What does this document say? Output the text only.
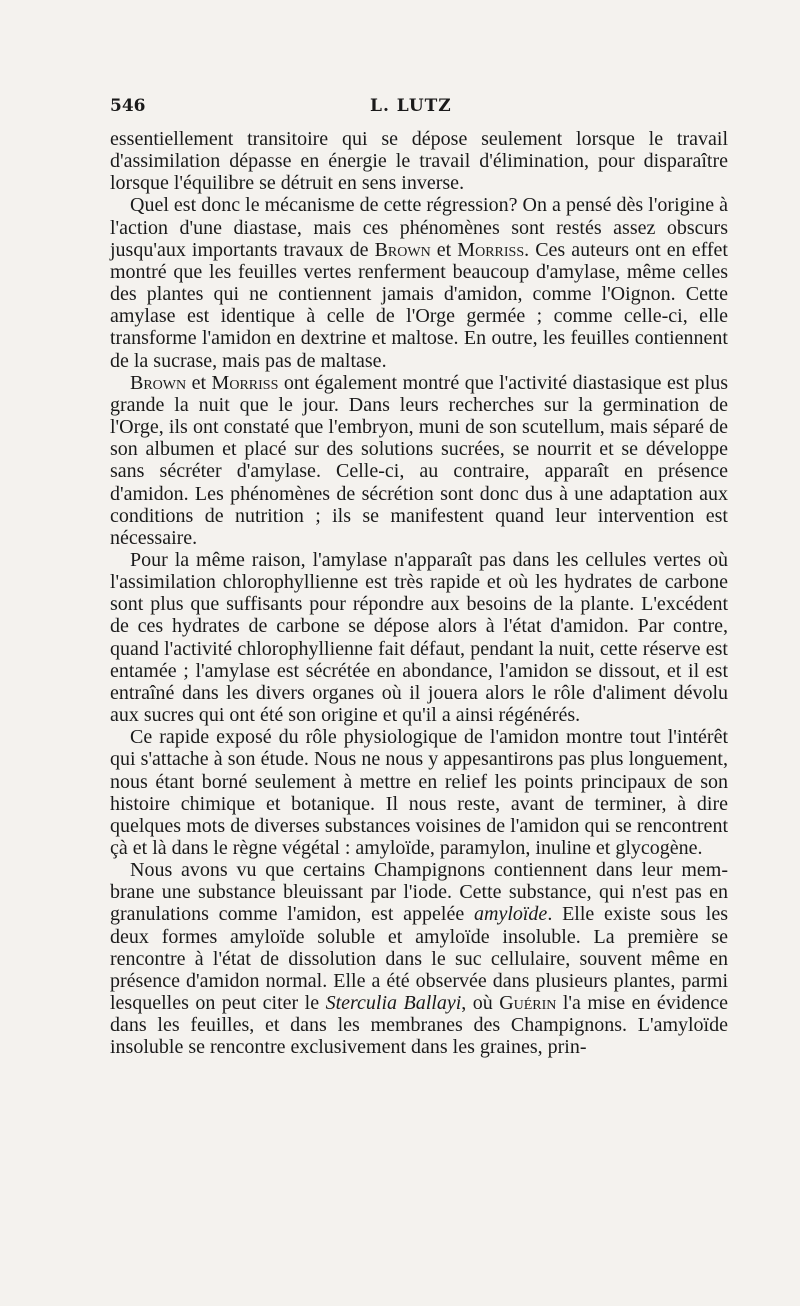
546	L. LUTZ

essentiellement transitoire qui se dépose seulement lorsque le travail d'assimilation dépasse en énergie le travail d'élimination, pour disparaître lorsque l'équilibre se détruit en sens inverse.

Quel est donc le mécanisme de cette régression? On a pensé dès l'origine à l'action d'une diastase, mais ces phénomènes sont restés assez obscurs jusqu'aux importants travaux de Brown et Morriss. Ces auteurs ont en effet montré que les feuilles vertes renferment beaucoup d'amylase, même celles des plantes qui ne contiennent jamais d'amidon, comme l'Oignon. Cette amylase est identique à celle de l'Orge germée ; comme celle-ci, elle transforme l'amidon en dextrine et maltose. En outre, les feuilles contiennent de la sucrase, mais pas de maltase.

Brown et Morriss ont également montré que l'activité diastasique est plus grande la nuit que le jour. Dans leurs recherches sur la germination de l'Orge, ils ont constaté que l'embryon, muni de son scutellum, mais séparé de son albumen et placé sur des solutions sucrées, se nourrit et se développe sans sécréter d'amylase. Celle-ci, au contraire, apparaît en présence d'amidon. Les phénomènes de sécrétion sont donc dus à une adaptation aux conditions de nutrition ; ils se manifestent quand leur intervention est nécessaire.

Pour la même raison, l'amylase n'apparaît pas dans les cellules vertes où l'assimilation chlorophyllienne est très rapide et où les hydrates de carbone sont plus que suffisants pour répondre aux besoins de la plante. L'excédent de ces hydrates de carbone se dépose alors à l'état d'amidon. Par contre, quand l'activité chlorophyllienne fait défaut, pendant la nuit, cette réserve est entamée ; l'amylase est sécrétée en abondance, l'amidon se dissout, et il est entraîné dans les divers organes où il jouera alors le rôle d'aliment dévolu aux sucres qui ont été son origine et qu'il a ainsi régénérés.

Ce rapide exposé du rôle physiologique de l'amidon montre tout l'intérêt qui s'attache à son étude. Nous ne nous y appesantirons pas plus longuement, nous étant borné seulement à mettre en relief les points principaux de son histoire chimique et botanique. Il nous reste, avant de terminer, à dire quelques mots de diverses substances voisines de l'amidon qui se rencontrent çà et là dans le règne végétal : amyloïde, paramylon, inuline et glycogène.

Nous avons vu que certains Champignons contiennent dans leur membrane une substance bleuissant par l'iode. Cette substance, qui n'est pas en granulations comme l'amidon, est appelée amyloïde. Elle existe sous les deux formes amyloïde soluble et amyloïde insoluble. La première se rencontre à l'état de dissolution dans le suc cellulaire, souvent même en présence d'amidon normal. Elle a été observée dans plusieurs plantes, parmi lesquelles on peut citer le Sterculia Ballayi, où Guérin l'a mise en évidence dans les feuilles, et dans les membranes des Champignons. L'amyloïde insoluble se rencontre exclusivement dans les graines, prin-
